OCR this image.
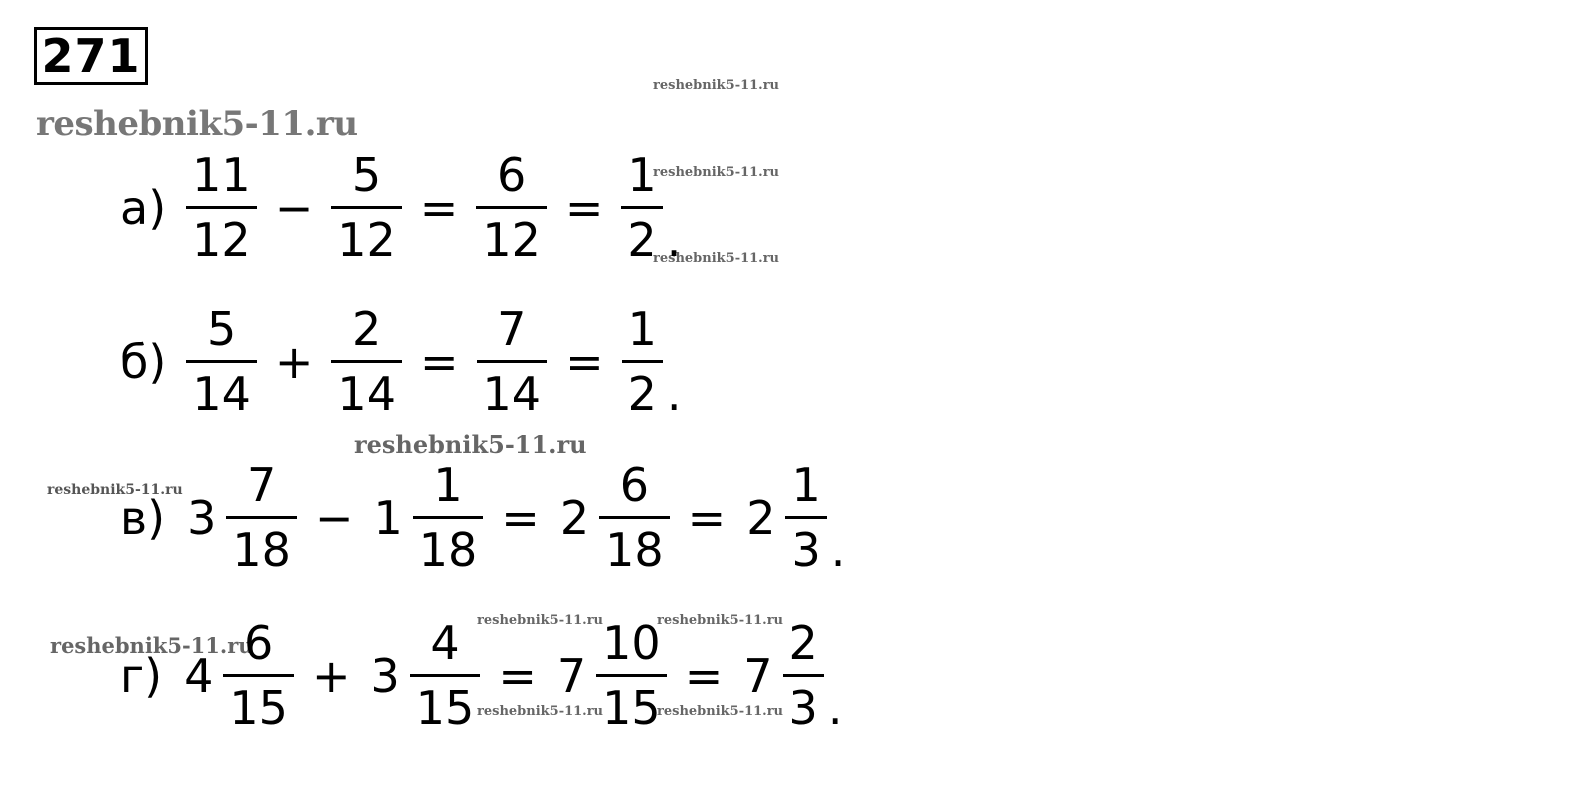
271
reshebnik5-11.ru
reshebnik5-11.ru
reshebnik5-11.ru
reshebnik5-11.ru
reshebnik5-11.ru
reshebnik5-11.ru
reshebnik5-11.ru
reshebnik5-11.ru	reshebnik5-11.ru
reshebnik5-11.ru	reshebnik5-11.ru
$а) \frac{11}{12} - \frac{5}{12} = \frac{6}{12} = \frac{1}{2}$ .
$б) \frac{5}{14} + \frac{2}{14} = \frac{7}{14} = \frac{1}{2}$ .
в) $3 \frac{7}{18} - 1 \frac{1}{18} = 2 \frac{6}{18} = 2 \frac{1}{3}$ .
г) $4 \frac{6}{15} + 3 \frac{4}{15} = 7 \frac{10}{15} = 7 \frac{2}{3}$ .
